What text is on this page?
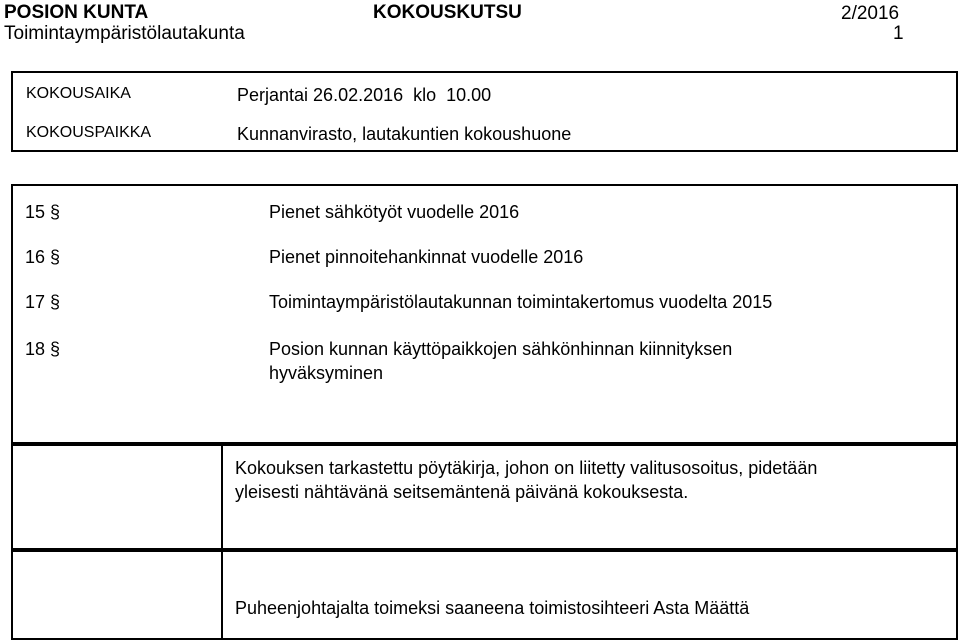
POSION KUNTA	KOKOUSKUTSU	2/2016
Toimintaympäristölautakunta	1
KOKOUSAIKA	Perjantai 26.02.2016  klo  10.00
KOKOUSPAIKKA	Kunnanvirasto, lautakuntien kokoushuone
15 §	Pienet sähkötyöt vuodelle 2016
16 §	Pienet pinnoitehankinnat vuodelle 2016
17 §	Toimintaympäristölautakunnan toimintakertomus vuodelta 2015
18 §	Posion kunnan käyttöpaikkojen sähkönhinnan kiinnityksen
hyväksyminen
Kokouksen tarkastettu pöytäkirja, johon on liitetty valitusosoitus, pidetään
yleisesti nähtävänä seitsemäntenä päivänä kokouksesta.
Puheenjohtajalta toimeksi saaneena toimistosihteeri Asta Määttä
